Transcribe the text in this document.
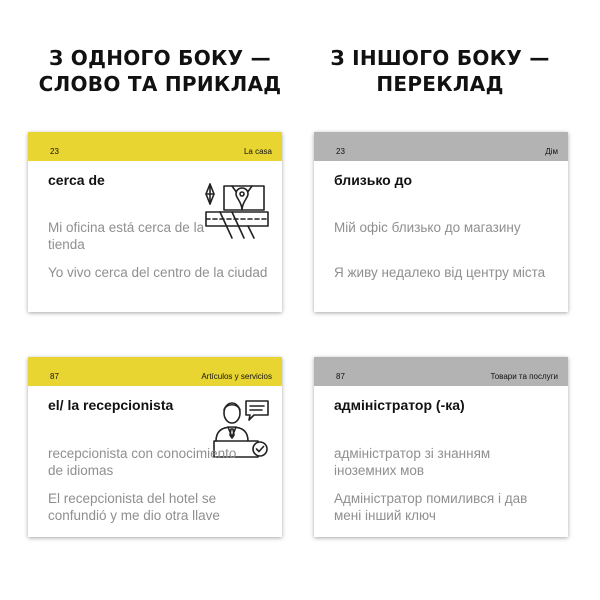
З ОДНОГО БОКУ —
СЛОВО ТА ПРИКЛАД
З ІНШОГО БОКУ —
ПЕРЕКЛАД
23	La casa
cerca de
Mi oficina está cerca de la tienda
Yo vivo cerca del centro de la ciudad
23	Дім
близько до
Мій офіс близько до магазину
Я живу недалеко від центру міста
87	Artículos y servicios
el/ la recepcionista
recepcionista con conocimiento de idiomas
El recepcionista del hotel se confundió y me dio otra llave
87	Товари та послуги
адміністратор (-ка)
адміністратор зі знанням іноземних мов
Адміністратор помилився і дав мені інший ключ
